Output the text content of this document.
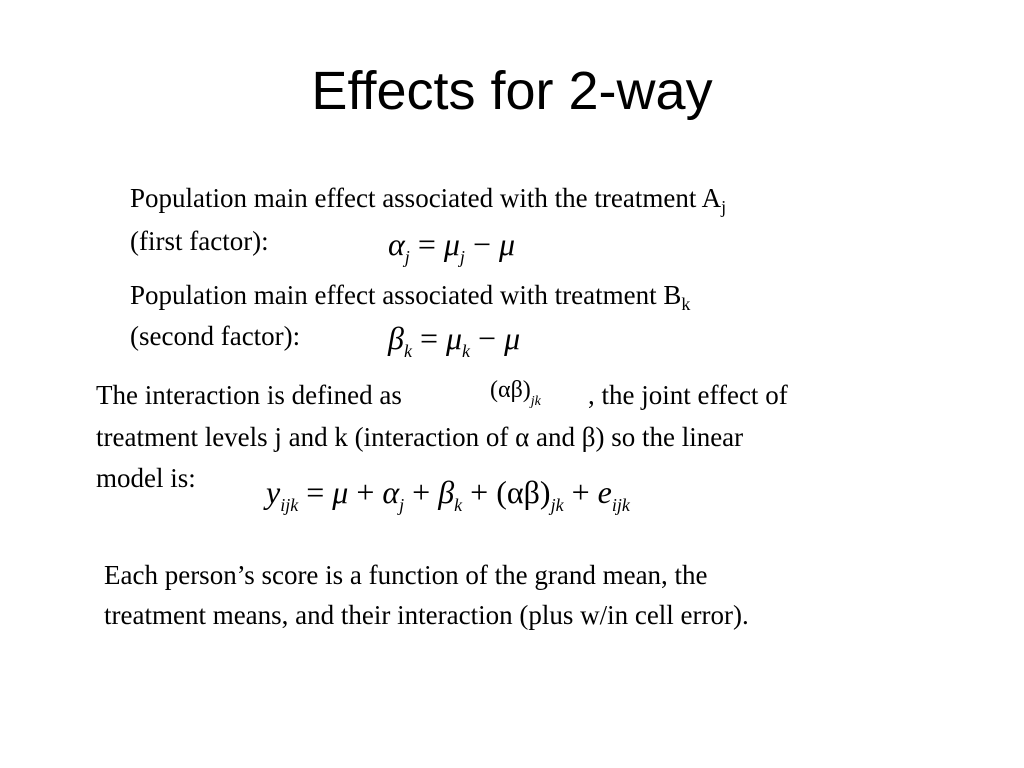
Effects for 2-way
Population main effect associated with the treatment $A_j$
(first factor):	$\alpha_j = \mu_j - \mu$
Population main effect associated with treatment $B_k$
(second factor):	$\beta_k = \mu_k - \mu$
The interaction is defined as	$(\alpha\beta)_{jk}$ , the joint effect of
treatment levels j and k (interaction of α and β) so the linear
model is: $y_{ijk} = \mu + \alpha_j + \beta_k + (\alpha\beta)_{jk} + e_{ijk}$
Each person’s score is a function of the grand mean, the
treatment means, and their interaction (plus w/in cell error).
